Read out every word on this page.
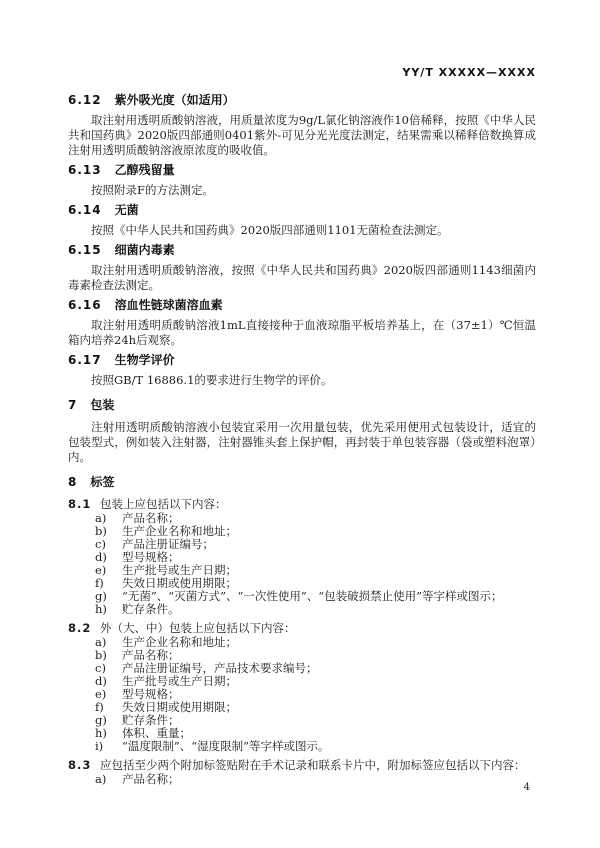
YY/T XXXXX—XXXX
6.12 紫外吸光度（如适用）

取注射用透明质酸钠溶液，用质量浓度为9g/L氯化钠溶液作10倍稀释，按照《中华人民共和国药典》2020版四部通则0401紫外-可见分光光度法测定，结果需乘以稀释倍数换算成注射用透明质酸钠溶液原浓度的吸收值。

6.13 乙醇残留量

按照附录F的方法测定。

6.14 无菌

按照《中华人民共和国药典》2020版四部通则1101无菌检查法测定。

6.15 细菌内毒素

取注射用透明质酸钠溶液，按照《中华人民共和国药典》2020版四部通则1143细菌内毒素检查法测定。

6.16 溶血性链球菌溶血素

取注射用透明质酸钠溶液1mL直接接种于血液琼脂平板培养基上，在（37±1）℃恒温箱内培养24h后观察。

6.17 生物学评价

按照GB/T 16886.1的要求进行生物学的评价。

7 包装

注射用透明质酸钠溶液小包装宜采用一次用量包装，优先采用便用式包装设计，适宜的包装型式，例如装入注射器，注射器锥头套上保护帽，再封装于单包装容器（袋或塑料泡罩）内。

8 标签
8.1 包装上应包括以下内容：
a)	产品名称；
b)	生产企业名称和地址；
c)	产品注册证编号；
d)	型号规格；
e)	生产批号或生产日期；
f)	失效日期或使用期限；
g)	“无菌”、“灭菌方式”、“一次性使用”、“包装破损禁止使用”等字样或图示；
h)	贮存条件。
8.2 外（大、中）包装上应包括以下内容：
a)	生产企业名称和地址；
b)	产品名称；
c)	产品注册证编号，产品技术要求编号；
d)	生产批号或生产日期；
e)	型号规格；
f)	失效日期或使用期限；
g)	贮存条件；
h)	体积、重量；
i)	“温度限制”、“湿度限制”等字样或图示。
8.3 应包括至少两个附加标签贴附在手术记录和联系卡片中，附加标签应包括以下内容：
a)	产品名称；
4
